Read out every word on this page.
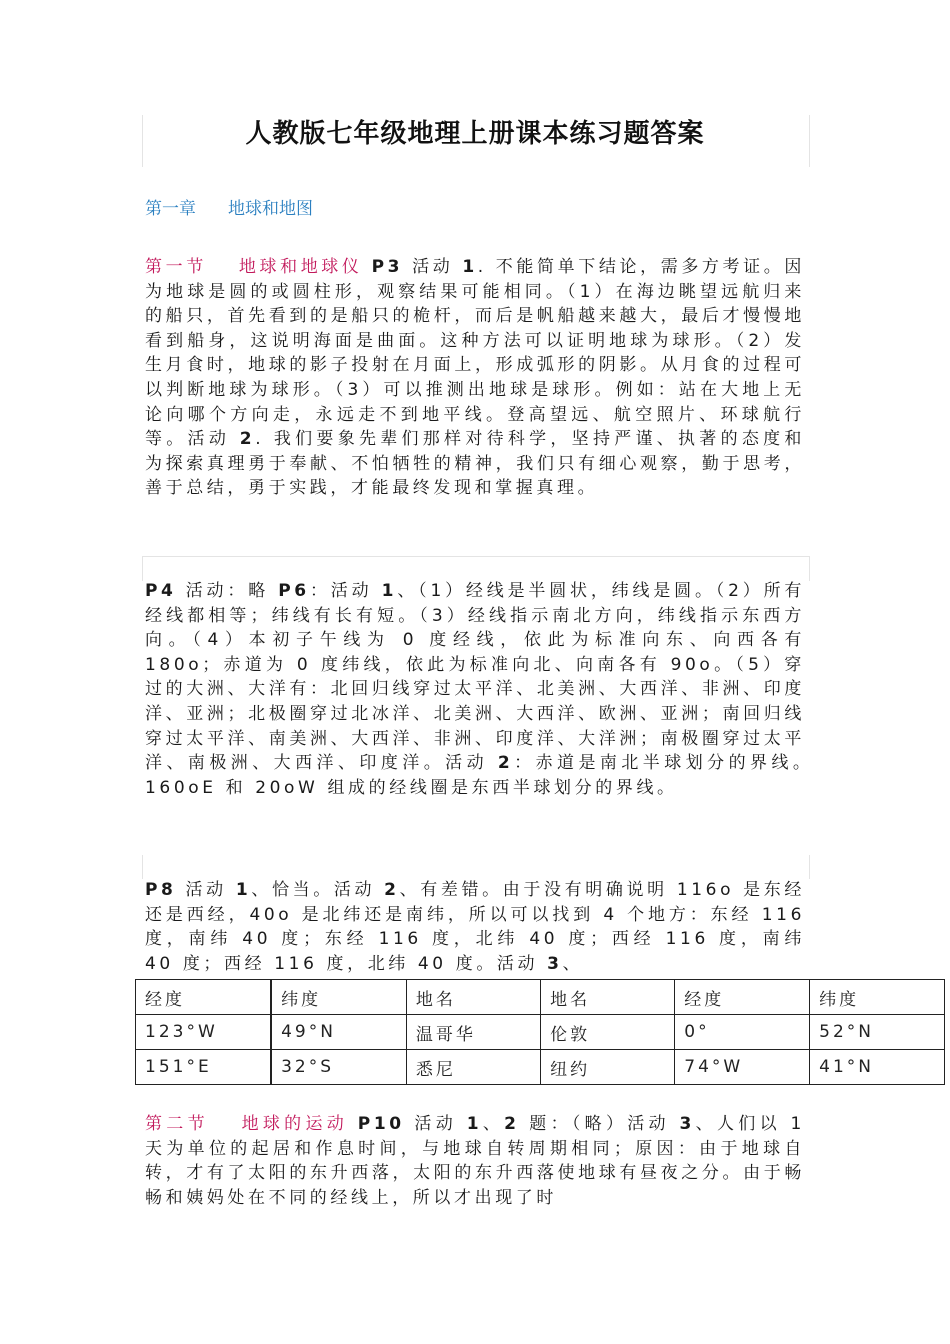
人教版七年级地理上册课本练习题答案
第一章 地球和地图

第一节 地球和地球仪 P3 活动 1. 不能简单下结论，需多方考证。因为地球是圆的或圆柱形，观察结果可能相同。（1）在海边眺望远航归来的船只，首先看到的是船只的桅杆，而后是帆船越来越大，最后才慢慢地看到船身，这说明海面是曲面。这种方法可以证明地球为球形。（2）发生月食时，地球的影子投射在月面上，形成弧形的阴影。从月食的过程可以判断地球为球形。（3）可以推测出地球是球形。例如：站在大地上无论向哪个方向走，永远走不到地平线。登高望远、航空照片、环球航行等。活动 2. 我们要象先辈们那样对待科学，坚持严谨、执著的态度和为探索真理勇于奉献、不怕牺牲的精神，我们只有细心观察，勤于思考，善于总结，勇于实践，才能最终发现和掌握真理。

P4 活动：略 P6：活动 1、（1）经线是半圆状，纬线是圆。（2）所有经线都相等；纬线有长有短。（3）经线指示南北方向，纬线指示东西方向。（4）本初子午线为 0 度经线，依此为标准向东、向西各有 180o；赤道为 0 度纬线，依此为标准向北、向南各有 90o。（5）穿过的大洲、大洋有：北回归线穿过太平洋、北美洲、大西洋、非洲、印度洋、亚洲；北极圈穿过北冰洋、北美洲、大西洋、欧洲、亚洲；南回归线穿过太平洋、南美洲、大西洋、非洲、印度洋、大洋洲；南极圈穿过太平洋、南极洲、大西洋、印度洋。活动 2：赤道是南北半球划分的界线。　　160oE 和 20oW 组成的经线圈是东西半球划分的界线。

P8 活动 1、恰当。活动 2、有差错。由于没有明确说明 116o 是东经还是西经，40o 是北纬还是南纬，所以可以找到 4 个地方：东经 116 度，南纬 40 度；东经 116 度，北纬 40 度；西经 116 度，南纬 40 度；西经 116 度，北纬 40 度。活动 3、

经度	纬度	地名	地名	经度	纬度
123°W	49°N	温哥华	伦敦	0°	52°N
151°E	32°S	悉尼	纽约	74°W	41°N

第二节 地球的运动 P10 活动 1、2 题：（略）活动 3、人们以 1 天为单位的起居和作息时间，与地球自转周期相同；原因：由于地球自转，才有了太阳的东升西落，太阳的东升西落使地球有昼夜之分。由于畅畅和姨妈处在不同的经线上，所以才出现了时
